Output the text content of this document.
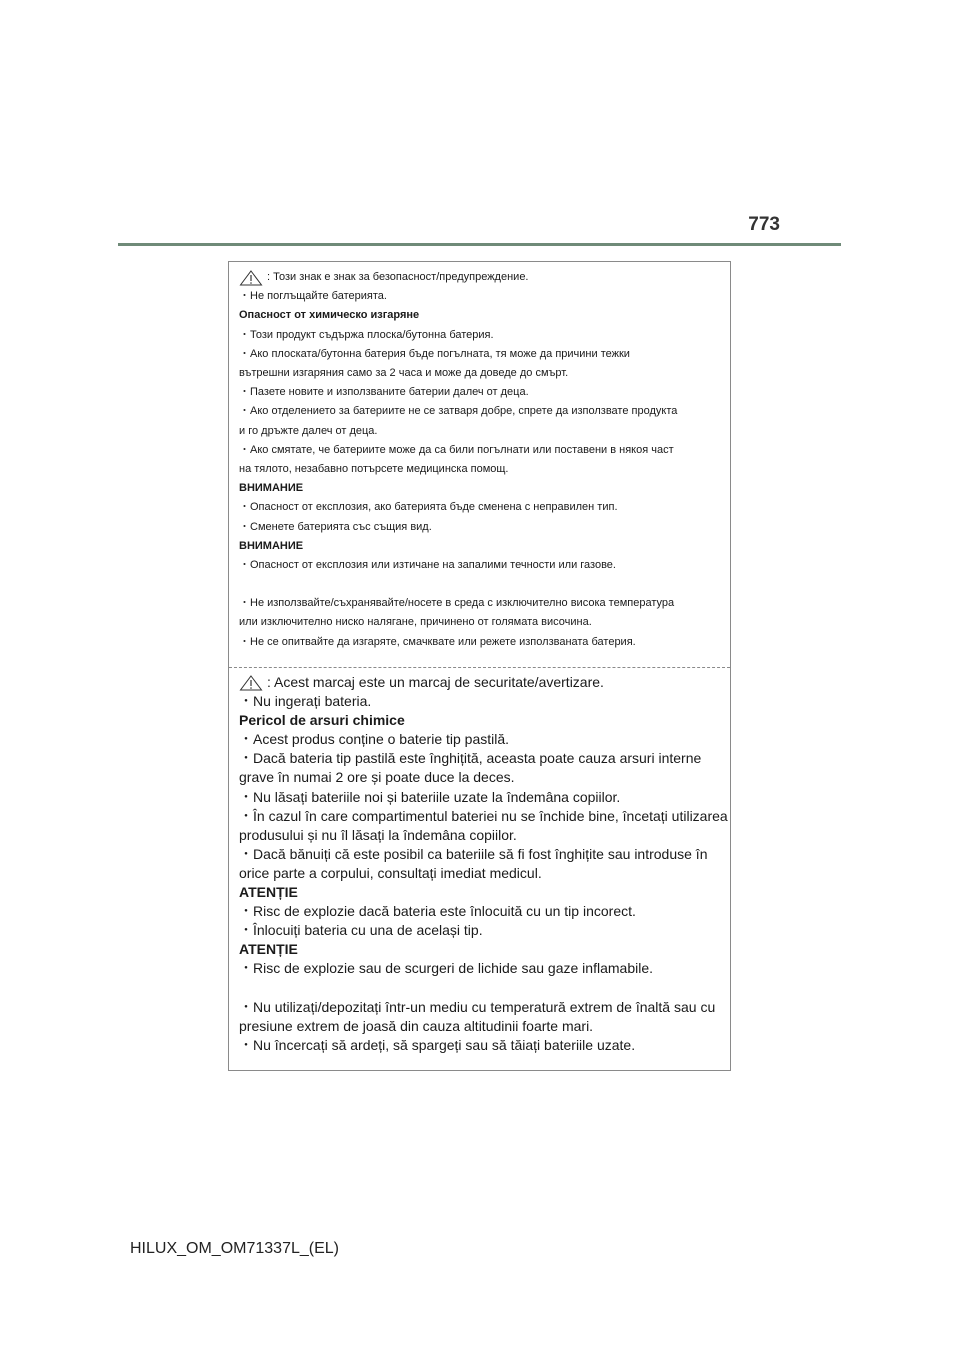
773
: Този знак е знак за безопасност/предупреждение.
・Не поглъщайте батерията.
Опасност от химическо изгаряне
・Този продукт съдържа плоска/бутонна батерия.
・Ако плоската/бутонна батерия бъде погълната, тя може да причини тежки
вътрешни изгаряния само за 2 часа и може да доведе до смърт.
・Пазете новите и използваните батерии далеч от деца.
・Ако отделението за батериите не се затваря добре, спрете да използвате продукта
и го дръжте далеч от деца.
・Ако смятате, че батериите може да са били погълнати или поставени в някоя част
на тялото, незабавно потърсете медицинска помощ.
ВНИМАНИЕ
・Опасност от експлозия, ако батерията бъде сменена с неправилен тип.
・Сменете батерията със същия вид.
ВНИМАНИЕ
・Опасност от експлозия или изтичане на запалими течности или газове.
・Не използвайте/съхранявайте/носете в среда с изключително висока температура
или изключително ниско налягане, причинено от голямата височина.
・Не се опитвайте да изгаряте, смачквате или режете използваната батерия.
: Acest marcaj este un marcaj de securitate/avertizare.
・Nu ingerați bateria.
Pericol de arsuri chimice
・Acest produs conține o baterie tip pastilă.
・Dacă bateria tip pastilă este înghițită, aceasta poate cauza arsuri interne
grave în numai 2 ore și poate duce la deces.
・Nu lăsați bateriile noi și bateriile uzate la îndemâna copiilor.
・În cazul în care compartimentul bateriei nu se închide bine, încetați utilizarea
produsului și nu îl lăsați la îndemâna copiilor.
・Dacă bănuiți că este posibil ca bateriile să fi fost înghițite sau introduse în
orice parte a corpului, consultați imediat medicul.
ATENȚIE
・Risc de explozie dacă bateria este înlocuită cu un tip incorect.
・Înlocuiți bateria cu una de același tip.
ATENȚIE
・Risc de explozie sau de scurgeri de lichide sau gaze inflamabile.
・Nu utilizați/depozitați într-un mediu cu temperatură extrem de înaltă sau cu
presiune extrem de joasă din cauza altitudinii foarte mari.
・Nu încercați să ardeți, să spargeți sau să tăiați bateriile uzate.
HILUX_OM_OM71337L_(EL)
